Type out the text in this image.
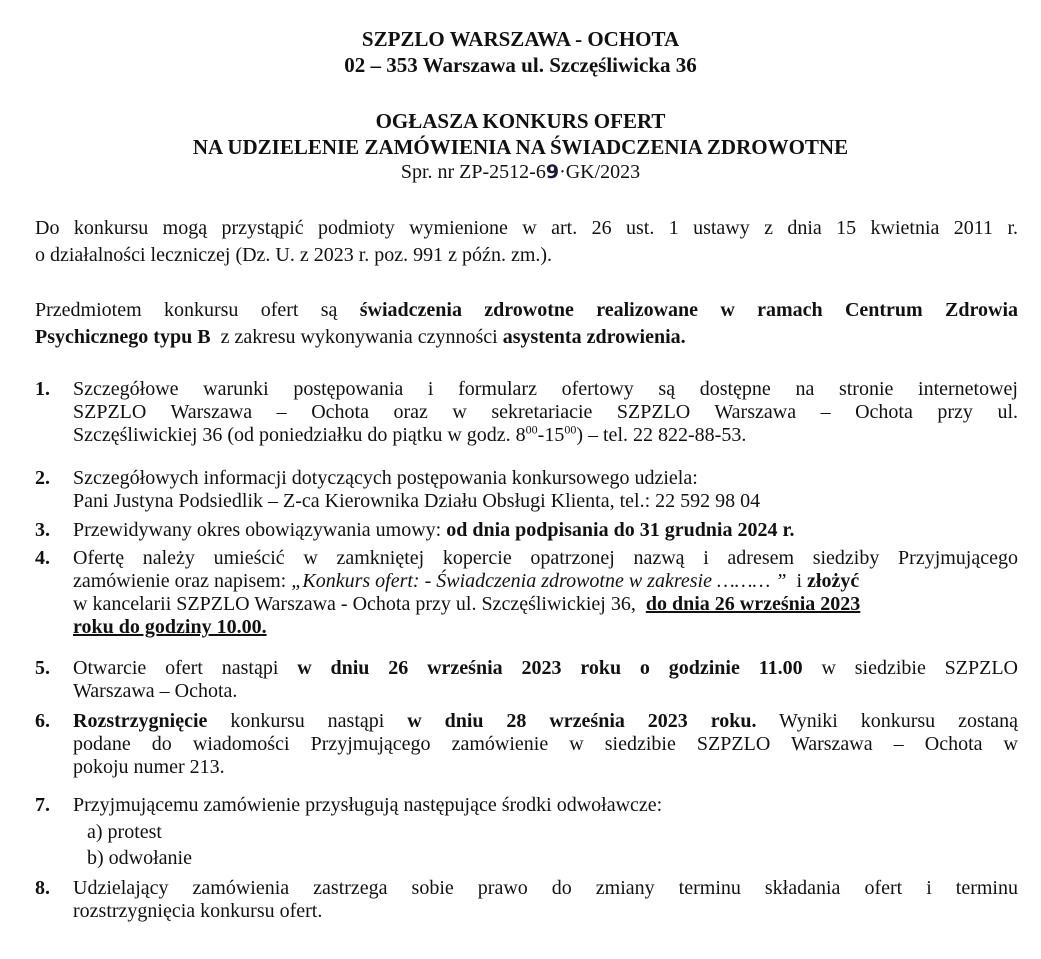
SZPZLO WARSZAWA - OCHOTA
02 – 353 Warszawa ul. Szczęśliwicka 36
OGŁASZA KONKURS OFERT
NA UDZIELENIE ZAMÓWIENIA NA ŚWIADCZENIA ZDROWOTNE
Spr. nr ZP-2512-69·GK/2023
Do konkursu mogą przystąpić podmioty wymienione w art. 26 ust. 1 ustawy z dnia 15 kwietnia 2011 r.
o działalności leczniczej (Dz. U. z 2023 r. poz. 991 z późn. zm.).
Przedmiotem konkursu ofert są świadczenia zdrowotne realizowane w ramach Centrum Zdrowia
Psychicznego typu B z zakresu wykonywania czynności asystenta zdrowienia.
1.	Szczegółowe warunki postępowania i formularz ofertowy są dostępne na stronie internetowej
SZPZLO Warszawa – Ochota oraz w sekretariacie SZPZLO Warszawa – Ochota przy ul.
Szczęśliwickiej 36 (od poniedziałku do piątku w godz. $8^{00}-15^{00}$) – tel. 22 822-88-53.
2.	Szczegółowych informacji dotyczących postępowania konkursowego udziela:
Pani Justyna Podsiedlik – Z-ca Kierownika Działu Obsługi Klienta, tel.: 22 592 98 04
3.	Przewidywany okres obowiązywania umowy: od dnia podpisania do 31 grudnia 2024 r.
4.	Ofertę należy umieścić w zamkniętej kopercie opatrzonej nazwą i adresem siedziby Przyjmującego
zamówienie oraz napisem: „Konkurs ofert: - Świadczenia zdrowotne w zakresie ……… ” i złożyć
w kancelarii SZPZLO Warszawa - Ochota przy ul. Szczęśliwickiej 36, do dnia 26 września 2023
roku do godziny 10.00.
5.	Otwarcie ofert nastąpi w dniu 26 września 2023 roku o godzinie 11.00 w siedzibie SZPZLO
Warszawa – Ochota.
6.	Rozstrzygnięcie konkursu nastąpi w dniu 28 września 2023 roku. Wyniki konkursu zostaną
podane do wiadomości Przyjmującego zamówienie w siedzibie SZPZLO Warszawa – Ochota w
pokoju numer 213.
7.	Przyjmującemu zamówienie przysługują następujące środki odwoławcze:
a) protest
b) odwołanie
8.	Udzielający zamówienia zastrzega sobie prawo do zmiany terminu składania ofert i terminu
rozstrzygnięcia konkursu ofert.
